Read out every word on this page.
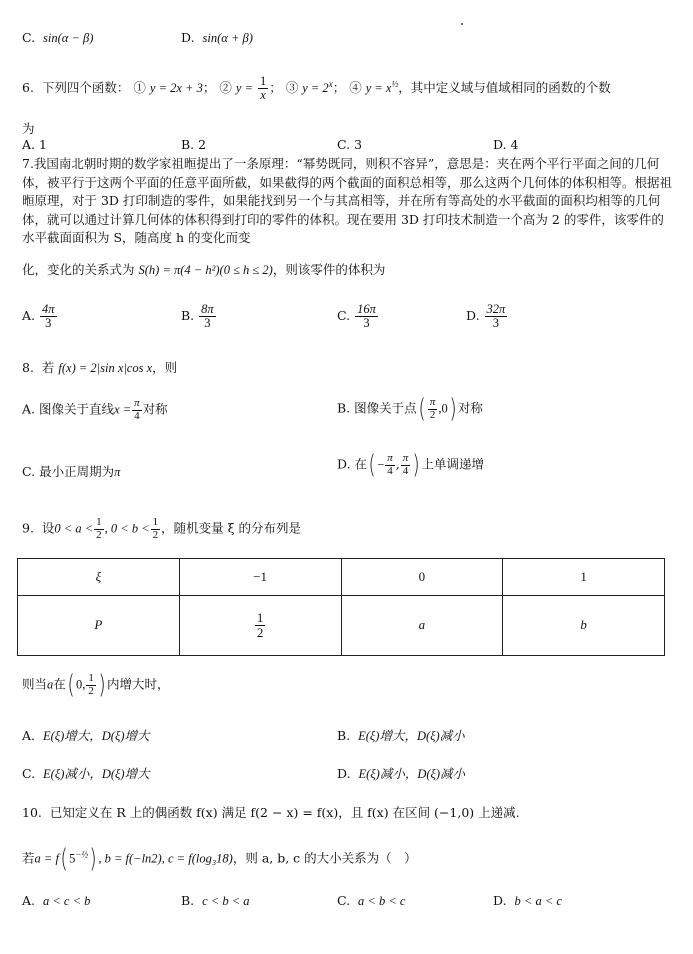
C. sin(α − β)	D. sin(α + β)
6. 下列四个函数： ① y = 2x + 3； ② $y = \frac{1}{x}$ ； ③ $y = 2^x$； ④ $y = x^{\frac{1}{2}}$，其中定义域与值域相同的函数的个数
为
A. 1	B. 2	C. 3	D. 4
7.我国南北朝时期的数学家祖暅提出了一条原理：“幂势既同，则积不容异”，意思是：夹在两个平行平面之间的几何体，被平行于这两个平面的任意平面所截，如果截得的两个截面的面积总相等，那么这两个几何体的体积相等。根据祖暅原理，对于 3D 打印制造的零件，如果能找到另一个与其高相等，并在所有等高处的水平截面的面积均相等的几何体，就可以通过计算几何体的体积得到打印的零件的体积。现在要用 3D 打印技术制造一个高为 2 的零件，该零件的水平截面面积为 S，随高度 h 的变化而变
化，变化的关系式为 S(h) = π(4 − h²)(0 ≤ h ≤ 2)，则该零件的体积为
A. $\frac{4\pi}{3}$	B. $\frac{8\pi}{3}$	C. $\frac{16\pi}{3}$	D. $\frac{32\pi}{3}$
8. 若 f(x) = 2|sin x|cos x，则
A. 图像关于直线$x = \frac{\pi}{4}$ 对称	B. 图像关于点( $\frac{\pi}{2} ,0$) 对称
C. 最小正周期为π
D. 在( − $\frac{\pi}{4}$ , $\frac{\pi}{4}$ ) 上单调递增
9. 设$0 < a < \frac{1}{2}$ , $0 < b < \frac{1}{2}$ ，随机变量 ξ 的分布列是
ξ	−1	0	1
P	$\frac{1}{2}$	a	b
则当a在( 0, $\frac{1}{2}$ ) 内增大时，
A. E(ξ)增大，D(ξ)增大	B. E(ξ)增大，D(ξ)减小
C. E(ξ)减小，D(ξ)增大	D. E(ξ)减小，D(ξ)减小
10. 已知定义在 R 上的偶函数 f(x) 满足 f(2 − x) = f(x)，且 f(x) 在区间 (−1,0) 上递减.
若a = f( $5^{-\frac{1}{2}}$) , b = f(−ln2), c = f(log₃18)，则 a, b, c 的大小关系为（　）
A. a < c < b	B. c < b < a	C. a < b < c	D. b < a < c
